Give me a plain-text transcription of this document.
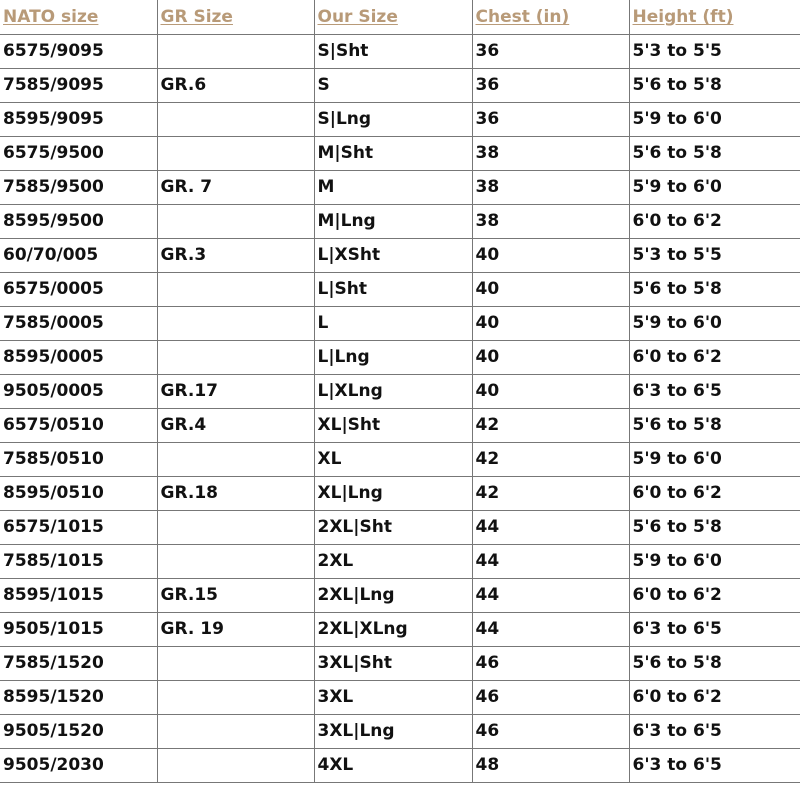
NATO size	GR Size	Our Size	Chest (in)	Height (ft)
6575/9095		S|Sht	36	5'3 to 5'5
7585/9095	GR.6	S	36	5'6 to 5'8
8595/9095		S|Lng	36	5'9 to 6'0
6575/9500		M|Sht	38	5'6 to 5'8
7585/9500	GR. 7	M	38	5'9 to 6'0
8595/9500		M|Lng	38	6'0 to 6'2
60/70/005	GR.3	L|XSht	40	5'3 to 5'5
6575/0005		L|Sht	40	5'6 to 5'8
7585/0005		L	40	5'9 to 6'0
8595/0005		L|Lng	40	6'0 to 6'2
9505/0005	GR.17	L|XLng	40	6'3 to 6'5
6575/0510	GR.4	XL|Sht	42	5'6 to 5'8
7585/0510		XL	42	5'9 to 6'0
8595/0510	GR.18	XL|Lng	42	6'0 to 6'2
6575/1015		2XL|Sht	44	5'6 to 5'8
7585/1015		2XL	44	5'9 to 6'0
8595/1015	GR.15	2XL|Lng	44	6'0 to 6'2
9505/1015	GR. 19	2XL|XLng	44	6'3 to 6'5
7585/1520		3XL|Sht	46	5'6 to 5'8
8595/1520		3XL	46	6'0 to 6'2
9505/1520		3XL|Lng	46	6'3 to 6'5
9505/2030		4XL	48	6'3 to 6'5
